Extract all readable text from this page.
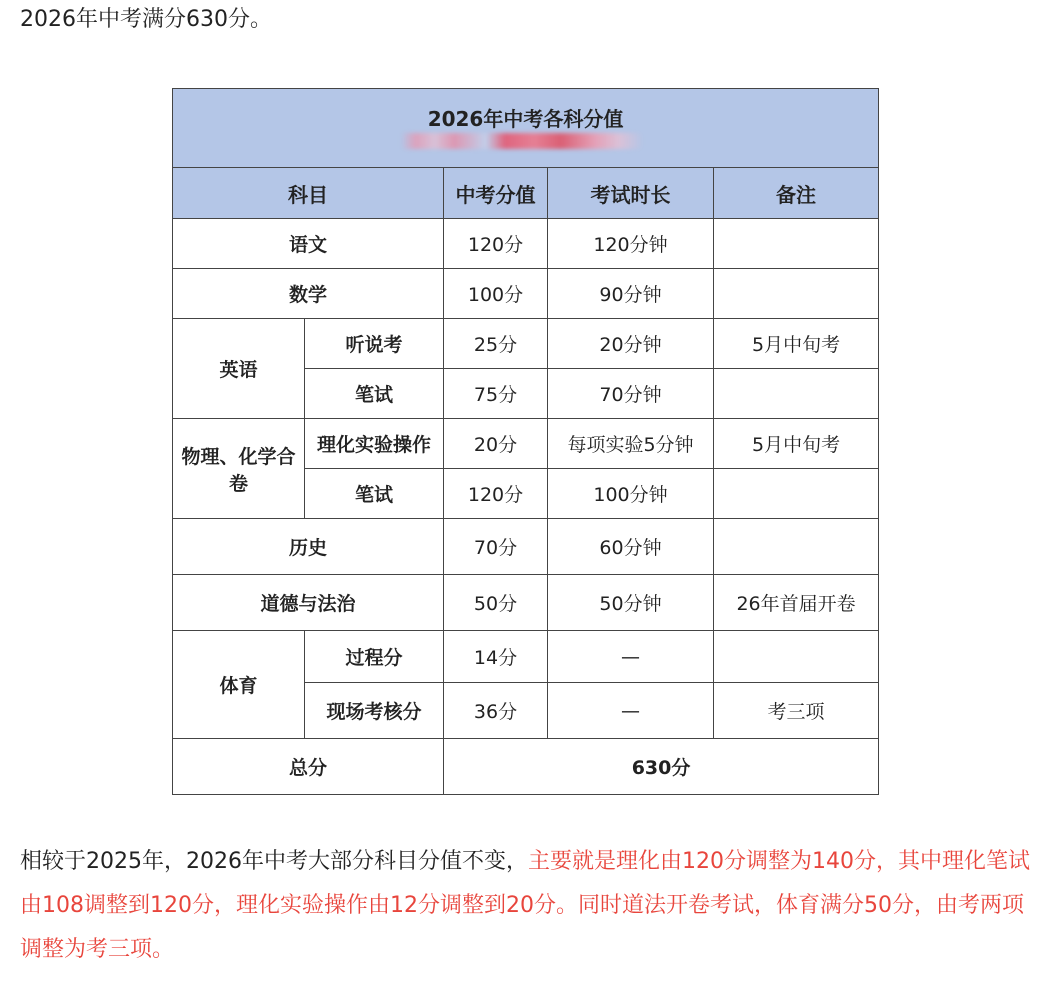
2026年中考满分630分。

2026年中考各科分值				

科目		中考分值	考试时长	备注
语文		120分	120分钟	
数学		100分	90分钟	
英语	听说考	25分	20分钟	5月中旬考
	笔试	75分	70分钟	
物理、化学合卷	理化实验操作	20分	每项实验5分钟	5月中旬考
	笔试	120分	100分钟	
历史		70分	60分钟	
道德与法治		50分	50分钟	26年首届开卷
体育	过程分	14分	—	
	现场考核分	36分	—	考三项
总分		630分		

相较于2025年，2026年中考大部分科目分值不变，主要就是理化由120分调整为140分，其中理化笔试由108调整到120分，理化实验操作由12分调整到20分。同时道法开卷考试，体育满分50分，由考两项调整为考三项。
